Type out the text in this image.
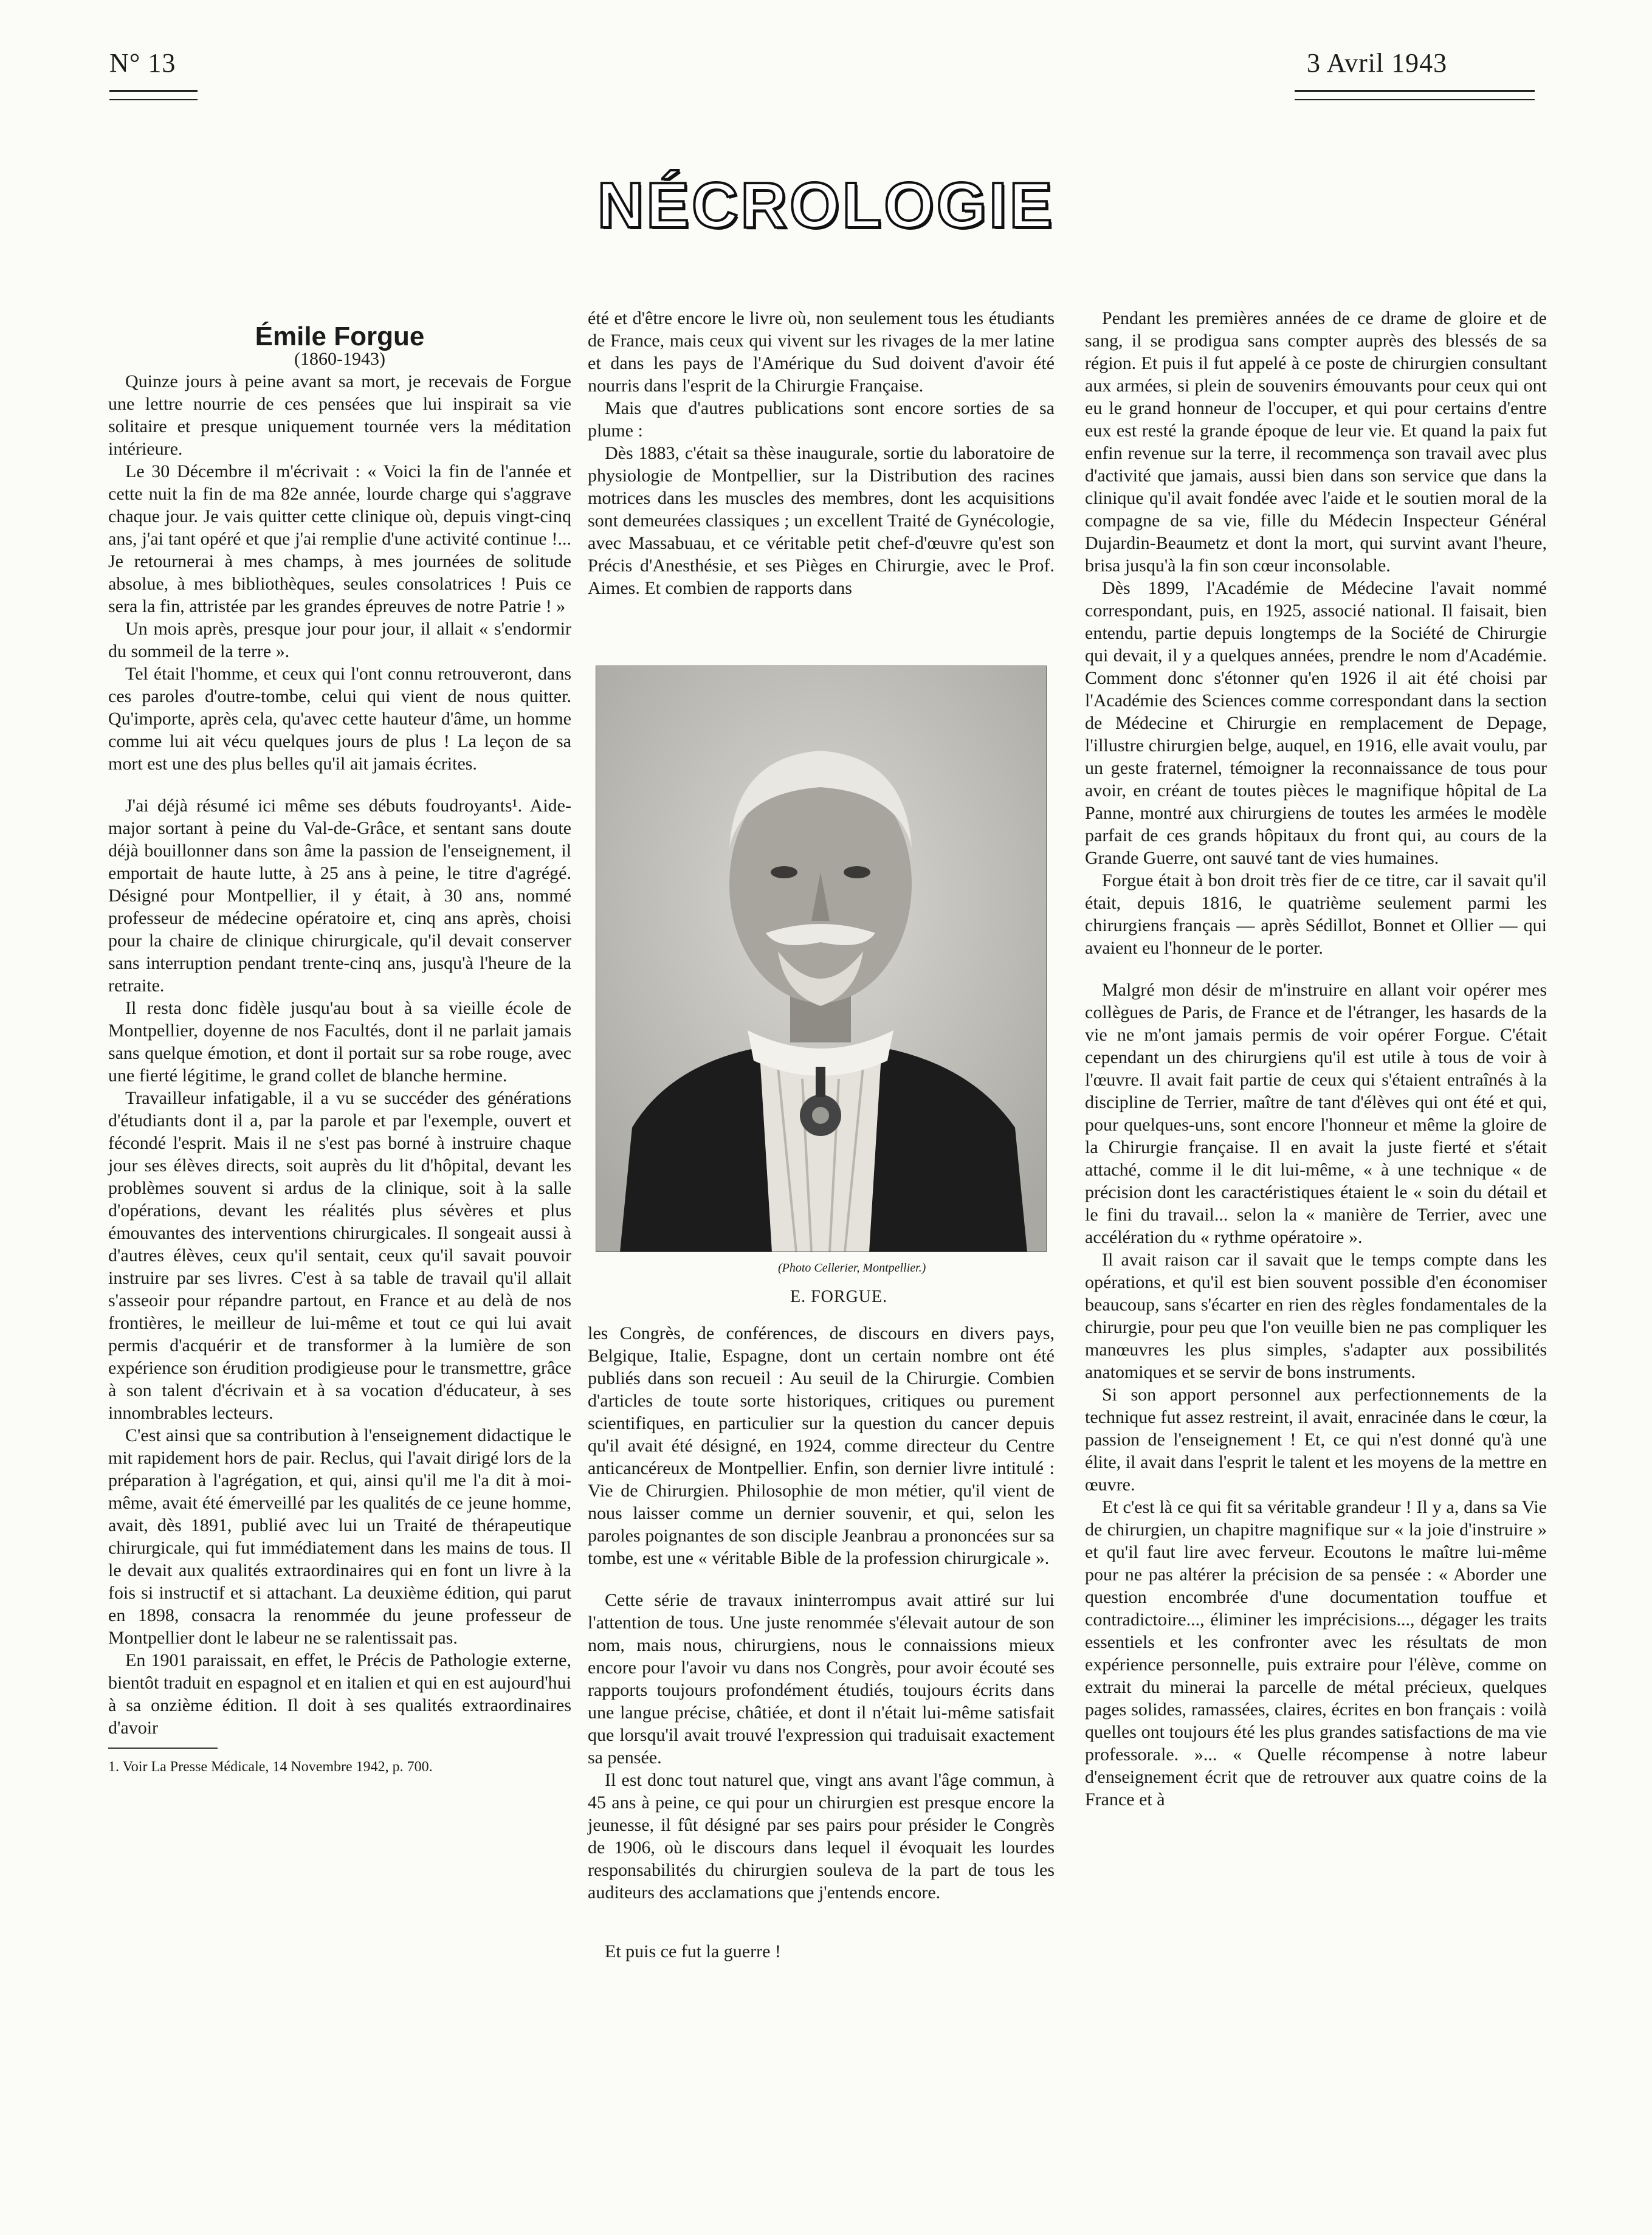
N° 13	3 Avril 1943
NÉCROLOGIE

Émile Forgue

(1860-1943)

Quinze jours à peine avant sa mort, je recevais de Forgue une lettre nourrie de ces pensées que lui inspirait sa vie solitaire et presque uniquement tournée vers la méditation intérieure.

Le 30 Décembre il m'écrivait : « Voici la fin de l'année et cette nuit la fin de ma 82e année, lourde charge qui s'aggrave chaque jour. Je vais quitter cette clinique où, depuis vingt-cinq ans, j'ai tant opéré et que j'ai remplie d'une activité continue !... Je retournerai à mes champs, à mes journées de solitude absolue, à mes bibliothèques, seules consolatrices ! Puis ce sera la fin, attristée par les grandes épreuves de notre Patrie ! »

Un mois après, presque jour pour jour, il allait « s'endormir du sommeil de la terre ».

Tel était l'homme, et ceux qui l'ont connu retrouveront, dans ces paroles d'outre-tombe, celui qui vient de nous quitter. Qu'importe, après cela, qu'avec cette hauteur d'âme, un homme comme lui ait vécu quelques jours de plus ! La leçon de sa mort est une des plus belles qu'il ait jamais écrites.

J'ai déjà résumé ici même ses débuts foudroyants¹. Aide-major sortant à peine du Val-de-Grâce, et sentant sans doute déjà bouillonner dans son âme la passion de l'enseignement, il emportait de haute lutte, à 25 ans à peine, le titre d'agrégé. Désigné pour Montpellier, il y était, à 30 ans, nommé professeur de médecine opératoire et, cinq ans après, choisi pour la chaire de clinique chirurgicale, qu'il devait conserver sans interruption pendant trente-cinq ans, jusqu'à l'heure de la retraite.

Il resta donc fidèle jusqu'au bout à sa vieille école de Montpellier, doyenne de nos Facultés, dont il ne parlait jamais sans quelque émotion, et dont il portait sur sa robe rouge, avec une fierté légitime, le grand collet de blanche hermine.

Travailleur infatigable, il a vu se succéder des générations d'étudiants dont il a, par la parole et par l'exemple, ouvert et fécondé l'esprit. Mais il ne s'est pas borné à instruire chaque jour ses élèves directs, soit auprès du lit d'hôpital, devant les problèmes souvent si ardus de la clinique, soit à la salle d'opérations, devant les réalités plus sévères et plus émouvantes des interventions chirurgicales. Il songeait aussi à d'autres élèves, ceux qu'il sentait, ceux qu'il savait pouvoir instruire par ses livres. C'est à sa table de travail qu'il allait s'asseoir pour répandre partout, en France et au delà de nos frontières, le meilleur de lui-même et tout ce qui lui avait permis d'acquérir et de transformer à la lumière de son expérience son érudition prodigieuse pour le transmettre, grâce à son talent d'écrivain et à sa vocation d'éducateur, à ses innombrables lecteurs.

C'est ainsi que sa contribution à l'enseignement didactique le mit rapidement hors de pair. Reclus, qui l'avait dirigé lors de la préparation à l'agrégation, et qui, ainsi qu'il me l'a dit à moi-même, avait été émerveillé par les qualités de ce jeune homme, avait, dès 1891, publié avec lui un Traité de thérapeutique chirurgicale, qui fut immédiatement dans les mains de tous. Il le devait aux qualités extraordinaires qui en font un livre à la fois si instructif et si attachant. La deuxième édition, qui parut en 1898, consacra la renommée du jeune professeur de Montpellier dont le labeur ne se ralentissait pas.

En 1901 paraissait, en effet, le Précis de Pathologie externe, bientôt traduit en espagnol et en italien et qui en est aujourd'hui à sa onzième édition. Il doit à ses qualités extraordinaires d'avoir

1. Voir La Presse Médicale, 14 Novembre 1942, p. 700.

été et d'être encore le livre où, non seulement tous les étudiants de France, mais ceux qui vivent sur les rivages de la mer latine et dans les pays de l'Amérique du Sud doivent d'avoir été nourris dans l'esprit de la Chirurgie Française.

Mais que d'autres publications sont encore sorties de sa plume :

Dès 1883, c'était sa thèse inaugurale, sortie du laboratoire de physiologie de Montpellier, sur la Distribution des racines motrices dans les muscles des membres, dont les acquisitions sont demeurées classiques ; un excellent Traité de Gynécologie, avec Massabuau, et ce véritable petit chef-d'œuvre qu'est son Précis d'Anesthésie, et ses Pièges en Chirurgie, avec le Prof. Aimes. Et combien de rapports dans

(Photo Cellerier, Montpellier.)
E. FORGUE.

les Congrès, de conférences, de discours en divers pays, Belgique, Italie, Espagne, dont un certain nombre ont été publiés dans son recueil : Au seuil de la Chirurgie. Combien d'articles de toute sorte historiques, critiques ou purement scientifiques, en particulier sur la question du cancer depuis qu'il avait été désigné, en 1924, comme directeur du Centre anticancéreux de Montpellier. Enfin, son dernier livre intitulé : Vie de Chirurgien. Philosophie de mon métier, qu'il vient de nous laisser comme un dernier souvenir, et qui, selon les paroles poignantes de son disciple Jeanbrau a prononcées sur sa tombe, est une « véritable Bible de la profession chirurgicale ».

Cette série de travaux ininterrompus avait attiré sur lui l'attention de tous. Une juste renommée s'élevait autour de son nom, mais nous, chirurgiens, nous le connaissions mieux encore pour l'avoir vu dans nos Congrès, pour avoir écouté ses rapports toujours profondément étudiés, toujours écrits dans une langue précise, châtiée, et dont il n'était lui-même satisfait que lorsqu'il avait trouvé l'expression qui traduisait exactement sa pensée.

Il est donc tout naturel que, vingt ans avant l'âge commun, à 45 ans à peine, ce qui pour un chirurgien est presque encore la jeunesse, il fût désigné par ses pairs pour présider le Congrès de 1906, où le discours dans lequel il évoquait les lourdes responsabilités du chirurgien souleva de la part de tous les auditeurs des acclamations que j'entends encore.

Et puis ce fut la guerre !

Pendant les premières années de ce drame de gloire et de sang, il se prodigua sans compter auprès des blessés de sa région. Et puis il fut appelé à ce poste de chirurgien consultant aux armées, si plein de souvenirs émouvants pour ceux qui ont eu le grand honneur de l'occuper, et qui pour certains d'entre eux est resté la grande époque de leur vie. Et quand la paix fut enfin revenue sur la terre, il recommença son travail avec plus d'activité que jamais, aussi bien dans son service que dans la clinique qu'il avait fondée avec l'aide et le soutien moral de la compagne de sa vie, fille du Médecin Inspecteur Général Dujardin-Beaumetz et dont la mort, qui survint avant l'heure, brisa jusqu'à la fin son cœur inconsolable.

Dès 1899, l'Académie de Médecine l'avait nommé correspondant, puis, en 1925, associé national. Il faisait, bien entendu, partie depuis longtemps de la Société de Chirurgie qui devait, il y a quelques années, prendre le nom d'Académie. Comment donc s'étonner qu'en 1926 il ait été choisi par l'Académie des Sciences comme correspondant dans la section de Médecine et Chirurgie en remplacement de Depage, l'illustre chirurgien belge, auquel, en 1916, elle avait voulu, par un geste fraternel, témoigner la reconnaissance de tous pour avoir, en créant de toutes pièces le magnifique hôpital de La Panne, montré aux chirurgiens de toutes les armées le modèle parfait de ces grands hôpitaux du front qui, au cours de la Grande Guerre, ont sauvé tant de vies humaines.

Forgue était à bon droit très fier de ce titre, car il savait qu'il était, depuis 1816, le quatrième seulement parmi les chirurgiens français — après Sédillot, Bonnet et Ollier — qui avaient eu l'honneur de le porter.

Malgré mon désir de m'instruire en allant voir opérer mes collègues de Paris, de France et de l'étranger, les hasards de la vie ne m'ont jamais permis de voir opérer Forgue. C'était cependant un des chirurgiens qu'il est utile à tous de voir à l'œuvre. Il avait fait partie de ceux qui s'étaient entraînés à la discipline de Terrier, maître de tant d'élèves qui ont été et qui, pour quelques-uns, sont encore l'honneur et même la gloire de la Chirurgie française. Il en avait la juste fierté et s'était attaché, comme il le dit lui-même, « à une technique « de précision dont les caractéristiques étaient le « soin du détail et le fini du travail... selon la « manière de Terrier, avec une accélération du « rythme opératoire ».

Il avait raison car il savait que le temps compte dans les opérations, et qu'il est bien souvent possible d'en économiser beaucoup, sans s'écarter en rien des règles fondamentales de la chirurgie, pour peu que l'on veuille bien ne pas compliquer les manœuvres les plus simples, s'adapter aux possibilités anatomiques et se servir de bons instruments.

Si son apport personnel aux perfectionnements de la technique fut assez restreint, il avait, enracinée dans le cœur, la passion de l'enseignement ! Et, ce qui n'est donné qu'à une élite, il avait dans l'esprit le talent et les moyens de la mettre en œuvre.

Et c'est là ce qui fit sa véritable grandeur ! Il y a, dans sa Vie de chirurgien, un chapitre magnifique sur « la joie d'instruire » et qu'il faut lire avec ferveur. Ecoutons le maître lui-même pour ne pas altérer la précision de sa pensée : « Aborder une question encombrée d'une documentation touffue et contradictoire..., éliminer les imprécisions..., dégager les traits essentiels et les confronter avec les résultats de mon expérience personnelle, puis extraire pour l'élève, comme on extrait du minerai la parcelle de métal précieux, quelques pages solides, ramassées, claires, écrites en bon français : voilà quelles ont toujours été les plus grandes satisfactions de ma vie professorale. »... « Quelle récompense à notre labeur d'enseignement écrit que de retrouver aux quatre coins de la France et à
